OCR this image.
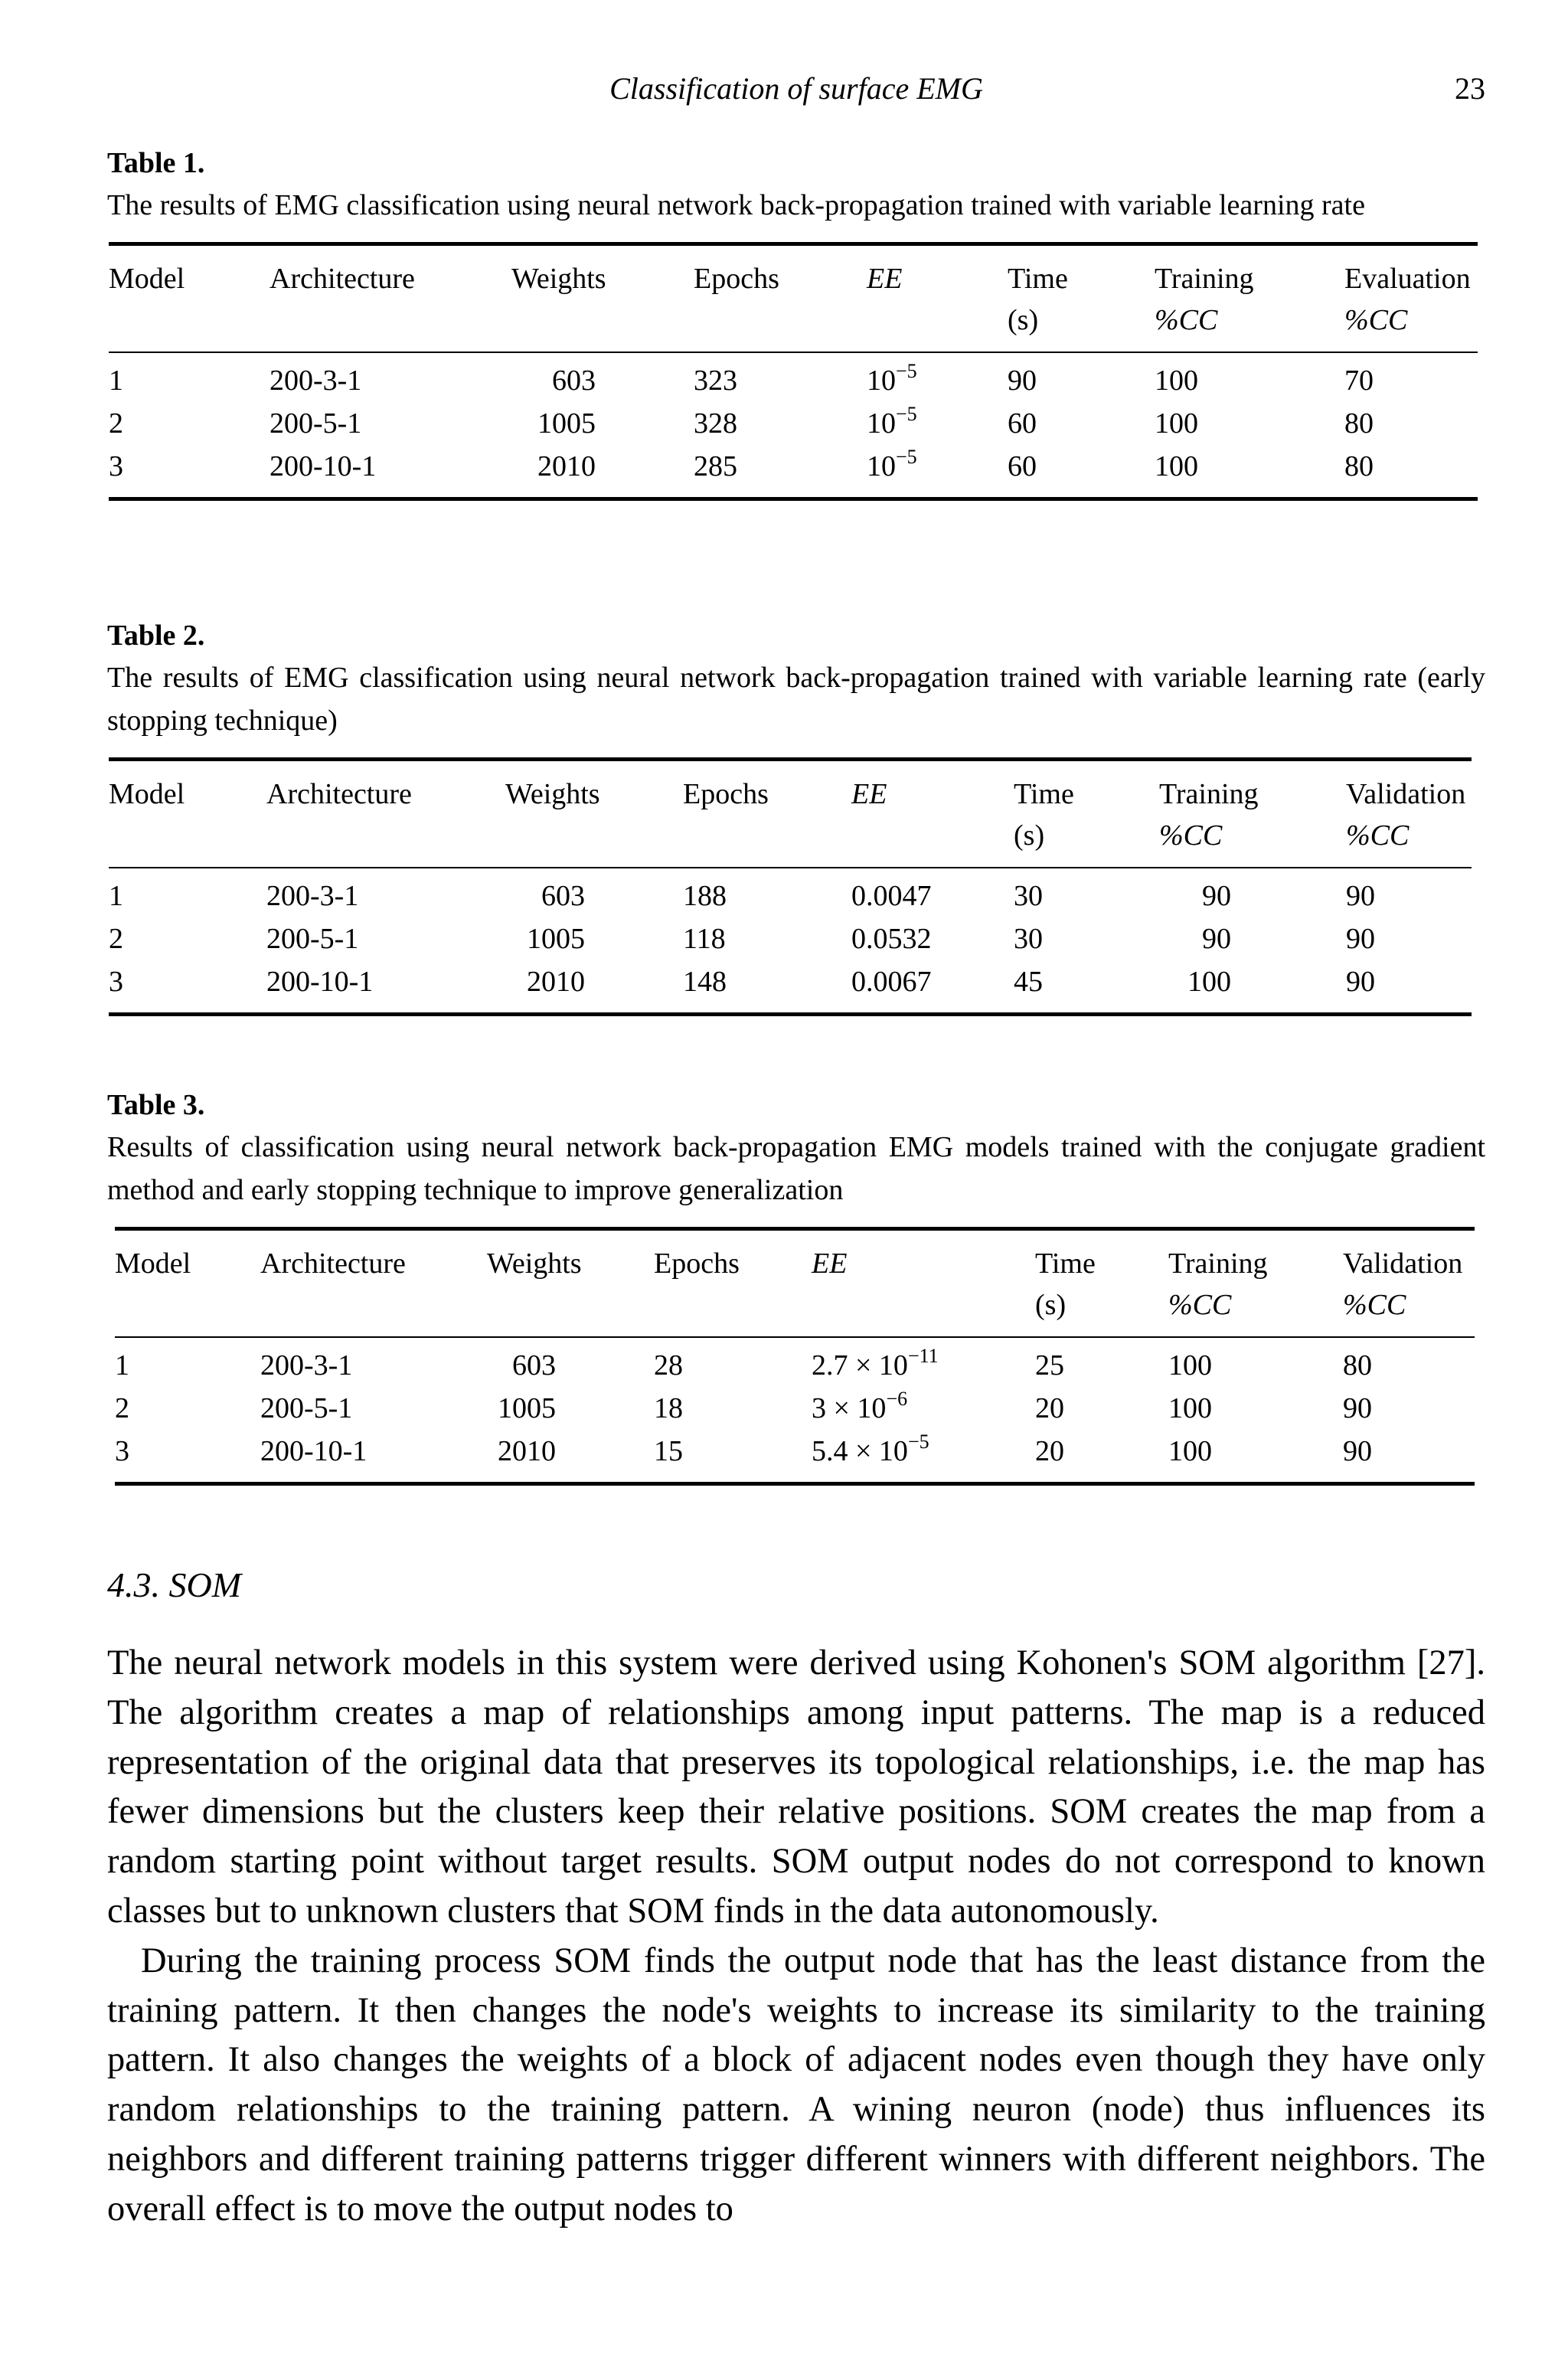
Classification of surface EMG	23
Table 1.
The results of EMG classification using neural network back-propagation trained with variable learning rate
Model	Architecture	Weights	Epochs	EE	Time	Training	Evaluation
					(s)	%CC	%CC
1	200-3-1	603	323	$10^{-5}$	90	100	70
2	200-5-1	1005	328	$10^{-5}$	60	100	80
3	200-10-1	2010	285	$10^{-5}$	60	100	80
Table 2.
The results of EMG classification using neural network back-propagation trained with variable learning rate (early stopping technique)
Model	Architecture	Weights	Epochs	EE	Time	Training	Validation
					(s)	%CC	%CC
1	200-3-1	603	188	0.0047	30	90	90
2	200-5-1	1005	118	0.0532	30	90	90
3	200-10-1	2010	148	0.0067	45	100	90
Table 3.
Results of classification using neural network back-propagation EMG models trained with the conjugate gradient method and early stopping technique to improve generalization
Model	Architecture	Weights	Epochs	EE	Time	Training	Validation
					(s)	%CC	%CC
1	200-3-1	603	28	$2.7 \times 10^{-11}$	25	100	80
2	200-5-1	1005	18	$3 \times 10^{-6}$	20	100	90
3	200-10-1	2010	15	$5.4 \times 10^{-5}$	20	100	90
4.3. SOM

The neural network models in this system were derived using Kohonen's SOM algorithm [27]. The algorithm creates a map of relationships among input patterns. The map is a reduced representation of the original data that preserves its topological relationships, i.e. the map has fewer dimensions but the clusters keep their relative positions. SOM creates the map from a random starting point without target results. SOM output nodes do not correspond to known classes but to unknown clusters that SOM finds in the data autonomously.

During the training process SOM finds the output node that has the least distance from the training pattern. It then changes the node's weights to increase its similarity to the training pattern. It also changes the weights of a block of adjacent nodes even though they have only random relationships to the training pattern. A wining neuron (node) thus influences its neighbors and different training patterns trigger different winners with different neighbors. The overall effect is to move the output nodes to
